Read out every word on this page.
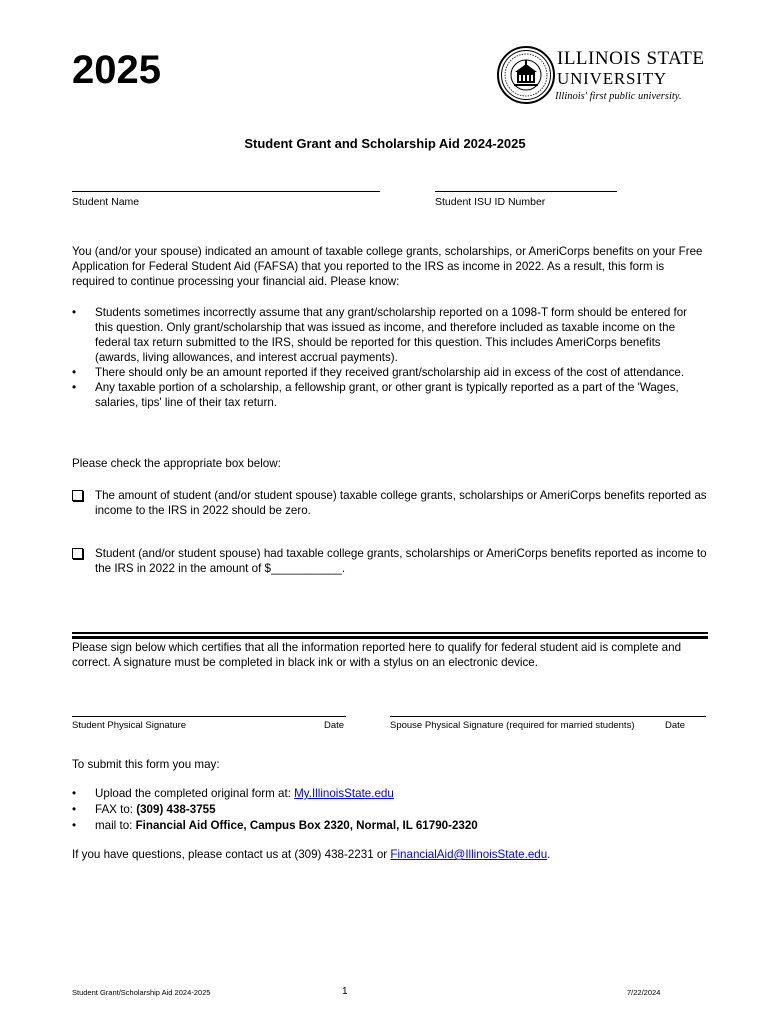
2025	ILLINOIS STATE
UNIVERSITY
Illinois' first public university.
Student Grant and Scholarship Aid 2024-2025
Student Name	Student ISU ID Number
You (and/or your spouse) indicated an amount of taxable college grants, scholarships, or AmeriCorps benefits on your Free Application for Federal Student Aid (FAFSA) that you reported to the IRS as income in 2022. As a result, this form is required to continue processing your financial aid. Please know:
• Students sometimes incorrectly assume that any grant/scholarship reported on a 1098-T form should be entered for this question. Only grant/scholarship that was issued as income, and therefore included as taxable income on the federal tax return submitted to the IRS, should be reported for this question. This includes AmeriCorps benefits (awards, living allowances, and interest accrual payments).
• There should only be an amount reported if they received grant/scholarship aid in excess of the cost of attendance.
• Any taxable portion of a scholarship, a fellowship grant, or other grant is typically reported as a part of the 'Wages, salaries, tips' line of their tax return.
Please check the appropriate box below:
The amount of student (and/or student spouse) taxable college grants, scholarships or AmeriCorps benefits reported as income to the IRS in 2022 should be zero.
Student (and/or student spouse) had taxable college grants, scholarships or AmeriCorps benefits reported as income to the IRS in 2022 in the amount of $___________.
Please sign below which certifies that all the information reported here to qualify for federal student aid is complete and correct. A signature must be completed in black ink or with a stylus on an electronic device.
Student Physical Signature	Date	Spouse Physical Signature (required for married students)	Date
To submit this form you may:
• Upload the completed original form at: My.IllinoisState.edu
• FAX to: (309) 438-3755
• mail to: Financial Aid Office, Campus Box 2320, Normal, IL 61790-2320
If you have questions, please contact us at (309) 438-2231 or FinancialAid@IllinoisState.edu.
Student Grant/Scholarship Aid 2024-2025	1	7/22/2024
